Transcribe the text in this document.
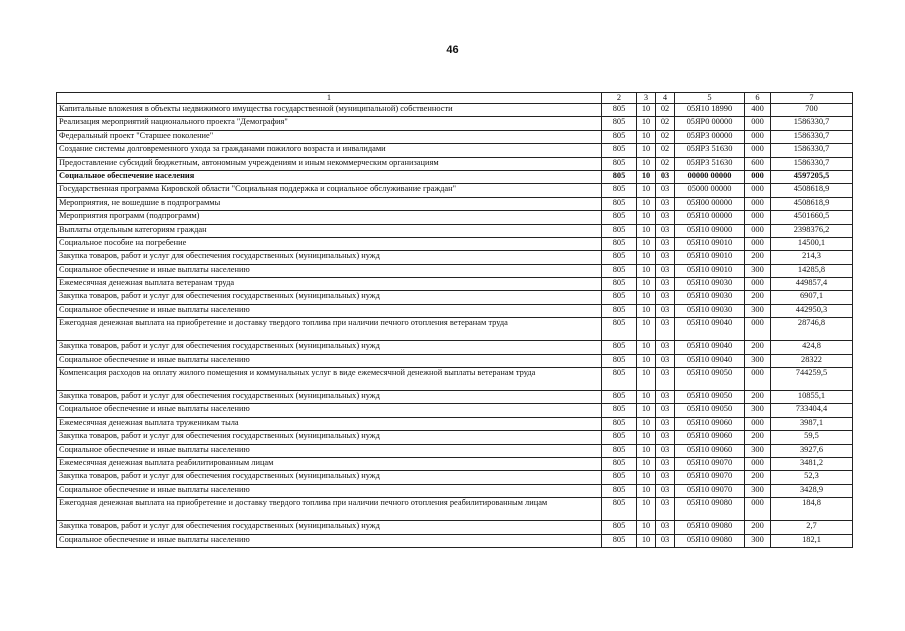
46
1	2	3	4	5	6	7
Капитальные вложения в объекты недвижимого имущества государственной (муниципальной) собственности	805	10	02	05Я10 18990	400	700
Реализация мероприятий национального проекта "Демография"	805	10	02	05ЯР0 00000	000	1586330,7
Федеральный проект "Старшее поколение"	805	10	02	05ЯР3 00000	000	1586330,7
Создание системы долговременного ухода за гражданами пожилого возраста и инвалидами	805	10	02	05ЯР3 51630	000	1586330,7
Предоставление субсидий бюджетным, автономным учреждениям и иным некоммерческим организациям	805	10	02	05ЯР3 51630	600	1586330,7
Социальное обеспечение населения	805	10	03	00000 00000	000	4597205,5
Государственная программа Кировской области "Социальная поддержка и социальное обслуживание граждан"	805	10	03	05000 00000	000	4508618,9
Мероприятия, не вошедшие в подпрограммы	805	10	03	05Я00 00000	000	4508618,9
Мероприятия программ (подпрограмм)	805	10	03	05Я10 00000	000	4501660,5
Выплаты отдельным категориям граждан	805	10	03	05Я10 09000	000	2398376,2
Социальное пособие на погребение	805	10	03	05Я10 09010	000	14500,1
Закупка товаров, работ и услуг для обеспечения государственных (муниципальных) нужд	805	10	03	05Я10 09010	200	214,3
Социальное обеспечение и иные выплаты населению	805	10	03	05Я10 09010	300	14285,8
Ежемесячная денежная выплата ветеранам труда	805	10	03	05Я10 09030	000	449857,4
Закупка товаров, работ и услуг для обеспечения государственных (муниципальных) нужд	805	10	03	05Я10 09030	200	6907,1
Социальное обеспечение и иные выплаты населению	805	10	03	05Я10 09030	300	442950,3
Ежегодная денежная выплата на приобретение и доставку твердого топлива при наличии печного отопления ветеранам труда	805	10	03	05Я10 09040	000	28746,8
Закупка товаров, работ и услуг для обеспечения государственных (муниципальных) нужд	805	10	03	05Я10 09040	200	424,8
Социальное обеспечение и иные выплаты населению	805	10	03	05Я10 09040	300	28322
Компенсация расходов на оплату жилого помещения и коммунальных услуг в виде ежемесячной денежной выплаты ветеранам труда	805	10	03	05Я10 09050	000	744259,5
Закупка товаров, работ и услуг для обеспечения государственных (муниципальных) нужд	805	10	03	05Я10 09050	200	10855,1
Социальное обеспечение и иные выплаты населению	805	10	03	05Я10 09050	300	733404,4
Ежемесячная денежная выплата труженикам тыла	805	10	03	05Я10 09060	000	3987,1
Закупка товаров, работ и услуг для обеспечения государственных (муниципальных) нужд	805	10	03	05Я10 09060	200	59,5
Социальное обеспечение и иные выплаты населению	805	10	03	05Я10 09060	300	3927,6
Ежемесячная денежная выплата реабилитированным лицам	805	10	03	05Я10 09070	000	3481,2
Закупка товаров, работ и услуг для обеспечения государственных (муниципальных) нужд	805	10	03	05Я10 09070	200	52,3
Социальное обеспечение и иные выплаты населению	805	10	03	05Я10 09070	300	3428,9
Ежегодная денежная выплата на приобретение и доставку твердого топлива при наличии печного отопления реабилитированным лицам	805	10	03	05Я10 09080	000	184,8
Закупка товаров, работ и услуг для обеспечения государственных (муниципальных) нужд	805	10	03	05Я10 09080	200	2,7
Социальное обеспечение и иные выплаты населению	805	10	03	05Я10 09080	300	182,1
